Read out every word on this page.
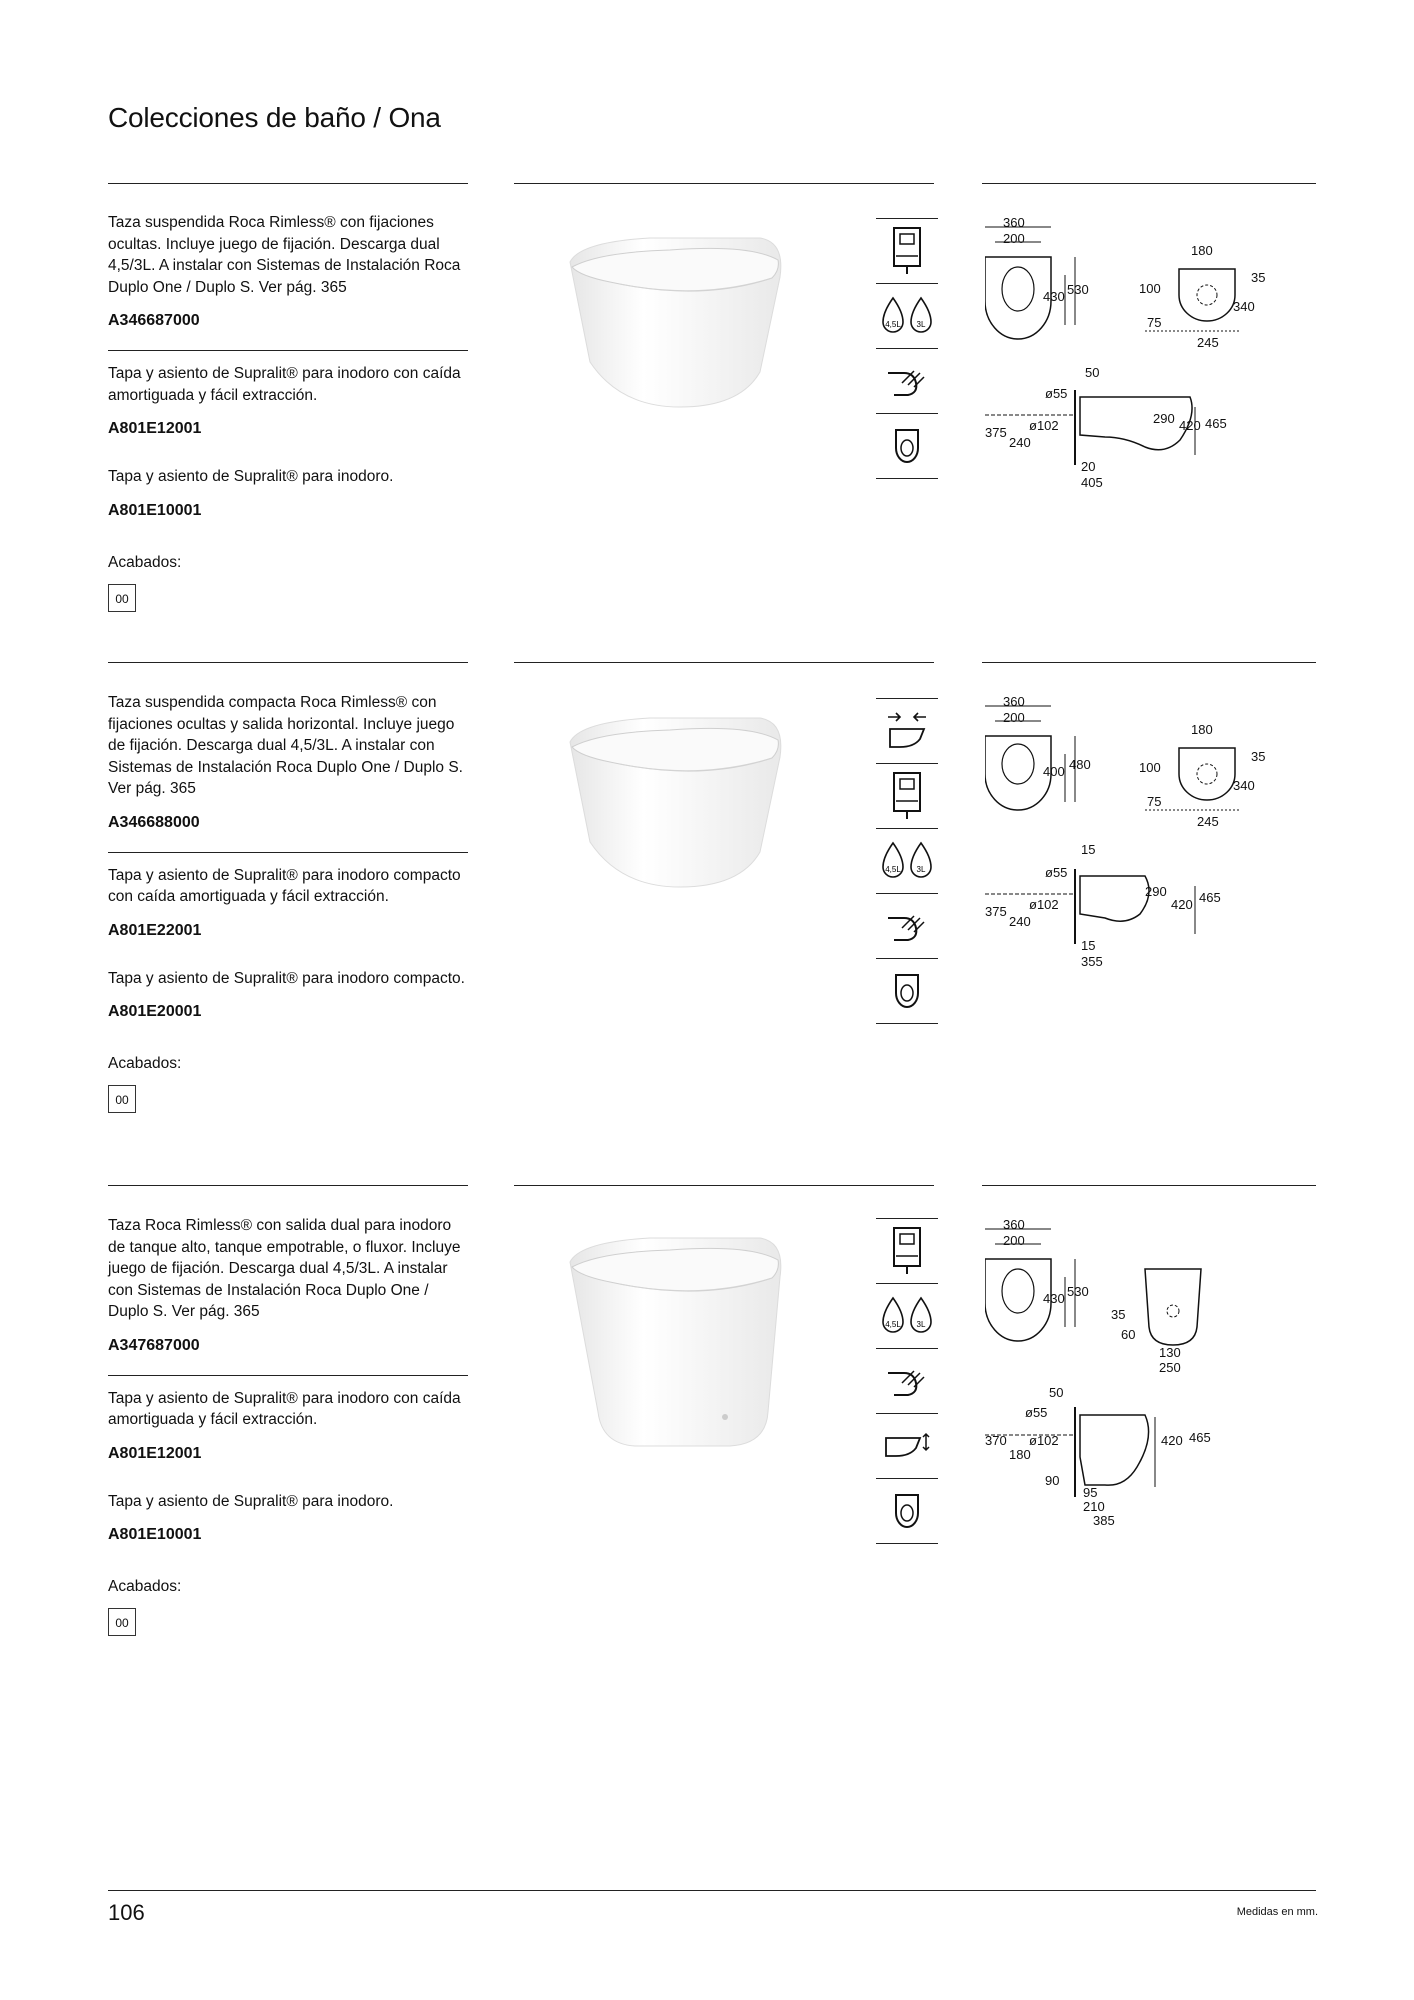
Colecciones de baño / Ona

Taza suspendida Roca Rimless® con fijaciones ocultas. Incluye juego de fijación. Descarga dual 4,5/3L. A instalar con Sistemas de Instalación Roca Duplo One / Duplo S. Ver pág. 365

A346687000

Tapa y asiento de Supralit® para inodoro con caída amortiguada y fácil extracción.

A801E12001

Tapa y asiento de Supralit® para inodoro.

A801E10001

Acabados:

00
4,5L 3L
360
200
430 530
180
35
100
340
75
245
50
ø55
ø102
375
240
290 420 465
20
405

Taza suspendida compacta Roca Rimless® con fijaciones ocultas y salida horizontal. Incluye juego de fijación. Descarga dual 4,5/3L. A instalar con Sistemas de Instalación Roca Duplo One / Duplo S. Ver pág. 365

A346688000

Tapa y asiento de Supralit® para inodoro compacto con caída amortiguada y fácil extracción.

A801E22001

Tapa y asiento de Supralit® para inodoro compacto.

A801E20001

Acabados:

00
4,5L 3L
360
200
400 480
180
35
100
340
75
245
15
ø55
ø102
375
240
290
420 465
15
355

Taza Roca Rimless® con salida dual para inodoro de tanque alto, tanque empotrable, o fluxor. Incluye juego de fijación. Descarga dual 4,5/3L. A instalar con Sistemas de Instalación Roca Duplo One / Duplo S. Ver pág. 365

A347687000

Tapa y asiento de Supralit® para inodoro con caída amortiguada y fácil extracción.

A801E12001

Tapa y asiento de Supralit® para inodoro.

A801E10001

Acabados:

00
4,5L 3L
360
200
430 530
35
60
130
250
50
ø55
ø102
370
180
420 465
90
95
210
385
106	Medidas en mm.
